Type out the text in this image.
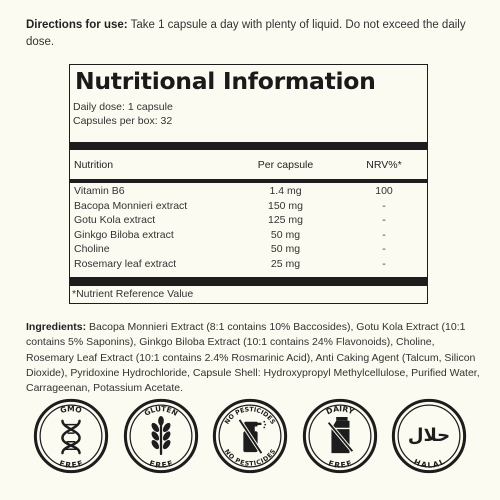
Directions for use: Take 1 capsule a day with plenty of liquid. Do not exceed the daily dose.
Nutritional Information
Daily dose: 1 capsule
Capsules per box: 32
Nutrition	Per capsule	NRV%*
Vitamin B6	1.4 mg	100
Bacopa Monnieri extract	150 mg	-
Gotu Kola extract	125 mg	-
Ginkgo Biloba extract	50 mg	-
Choline	50 mg	-
Rosemary leaf extract	25 mg	-
*Nutrient Reference Value
Ingredients: Bacopa Monnieri Extract (8:1 contains 10% Baccosides), Gotu Kola Extract (10:1 contains 5% Saponins), Ginkgo Biloba Extract (10:1 contains 24% Flavonoids), Choline, Rosemary Leaf Extract (10:1 contains 2.4% Rosmarinic Acid), Anti Caking Agent (Talcum, Silicon Dioxide), Pyridoxine Hydrochloride, Capsule Shell: Hydroxypropyl Methylcellulose, Purified Water, Carrageenan, Potassium Acetate.
GMO
FREE
GLUTEN
FREE
NO PESTICIDES
NO PESTICIDES
DAIRY
FREE
حلال
HALAL
